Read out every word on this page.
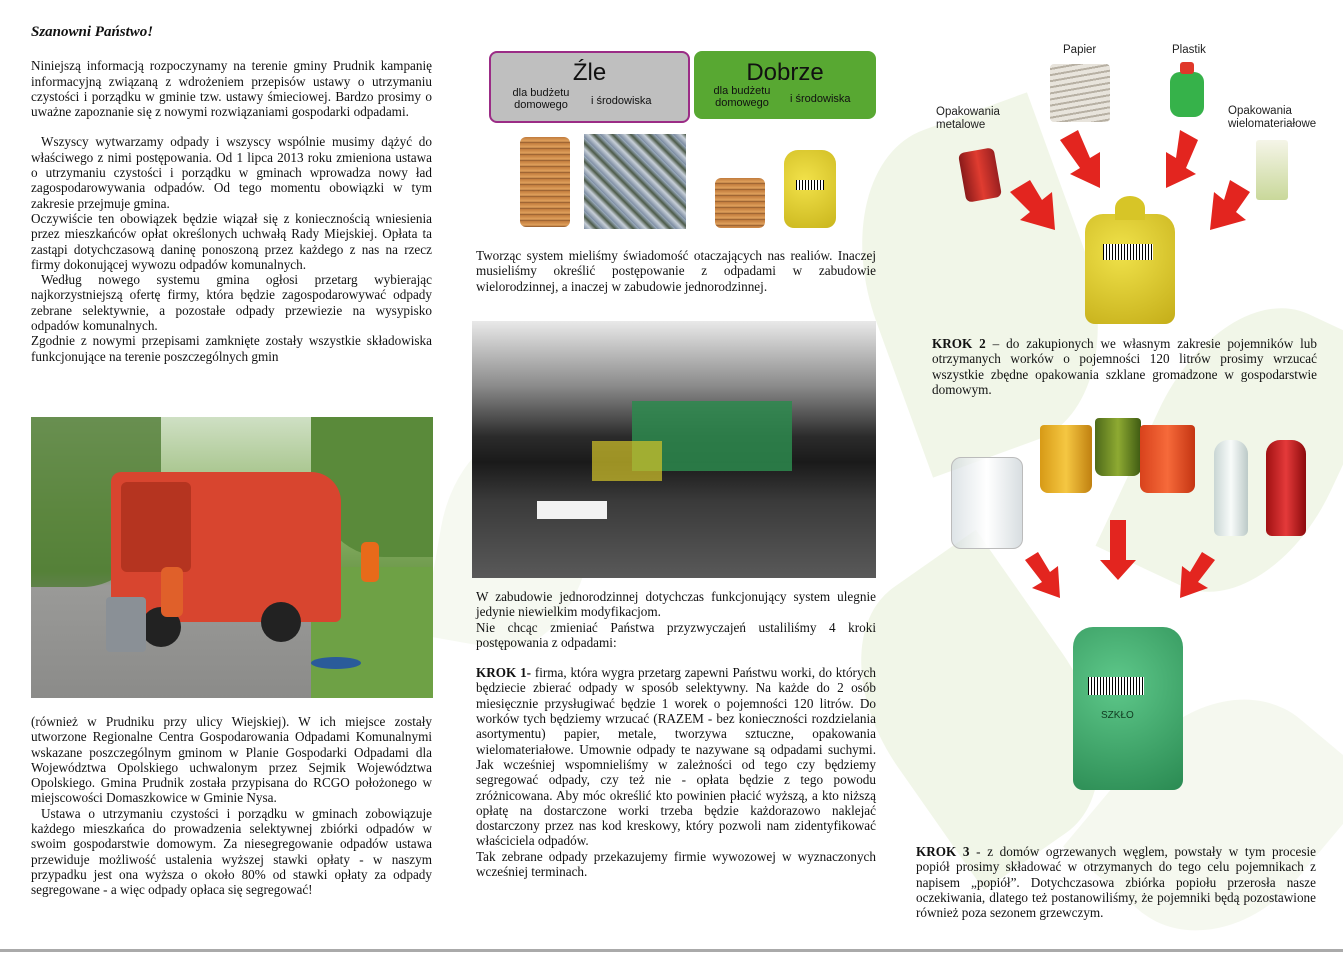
Szanowni Państwo!

Niniejszą informacją rozpoczynamy na terenie gminy Prudnik kampanię informacyjną związaną z wdrożeniem przepisów ustawy o utrzymaniu czystości i porządku w gminie tzw. ustawy śmieciowej. Bardzo prosimy o uważne zapoznanie się z nowymi rozwiązaniami gospodarki odpadami.

Wszyscy wytwarzamy odpady i wszyscy wspólnie musimy dążyć do właściwego z nimi postępowania. Od 1 lipca 2013 roku zmieniona ustawa o utrzymaniu czystości i porządku w gminach wprowadza nowy ład zagospodarowywania odpadów. Od tego momentu obowiązki w tym zakresie przejmuje gmina.

Oczywiście ten obowiązek będzie wiązał się z koniecznością wniesienia przez mieszkańców opłat określonych uchwałą Rady Miejskiej. Opłata ta zastąpi dotychczasową daninę ponoszoną przez każdego z nas na rzecz firmy dokonującej wywozu odpadów komunalnych.

Według nowego systemu gmina ogłosi przetarg wybierając najkorzystniejszą ofertę firmy, która będzie zagospodarowywać odpady zebrane selektywnie, a pozostałe odpady przewiezie na wysypisko odpadów komunalnych.

Zgodnie z nowymi przepisami zamknięte zostały wszystkie składowiska funkcjonujące na terenie poszczególnych gmin

(również w Prudniku przy ulicy Wiejskiej). W ich miejsce zostały utworzone Regionalne Centra Gospodarowania Odpadami Komunalnymi wskazane poszczególnym gminom w Planie Gospodarki Odpadami dla Województwa Opolskiego uchwalonym przez Sejmik Województwa Opolskiego. Gmina Prudnik została przypisana do RCGO położonego w miejscowości Domaszkowice w Gminie Nysa.

Ustawa o utrzymaniu czystości i porządku w gminach zobowiązuje każdego mieszkańca do prowadzenia selektywnej zbiórki odpadów w swoim gospodarstwie domowym. Za niesegregowanie odpadów ustawa przewiduje możliwość ustalenia wyższej stawki opłaty - w naszym przypadku jest ona wyższa o około 80% od stawki opłaty za odpady segregowane - a więc odpady opłaca się segregować!

Źle
dla budżetu domowego i środowiska
Dobrze
dla budżetu domowego i środowiska

Tworząc system mieliśmy świadomość otaczających nas realiów. Inaczej musieliśmy określić postępowanie z odpadami w zabudowie wielorodzinnej, a inaczej w zabudowie jednorodzinnej.

W zabudowie jednorodzinnej dotychczas funkcjonujący system ulegnie jedynie niewielkim modyfikacjom.

Nie chcąc zmieniać Państwa przyzwyczajeń ustaliliśmy 4 kroki postępowania z odpadami:

KROK 1- firma, która wygra przetarg zapewni Państwu worki, do których będziecie zbierać odpady w sposób selektywny. Na każde do 2 osób miesięcznie przysługiwać będzie 1 worek o pojemności 120 litrów. Do worków tych będziemy wrzucać (RAZEM - bez konieczności rozdzielania asortymentu) papier, metale, tworzywa sztuczne, opakowania wielomateriałowe. Umownie odpady te nazywane są odpadami suchymi. Jak wcześniej wspomnieliśmy w zależności od tego czy będziemy segregować odpady, czy też nie - opłata będzie z tego powodu zróżnicowana. Aby móc określić kto powinien płacić wyższą, a kto niższą opłatę na dostarczone worki trzeba będzie każdorazowo naklejać dostarczony przez nas kod kreskowy, który pozwoli nam zidentyfikować właściciela odpadów.

Tak zebrane odpady przekazujemy firmie wywozowej w wyznaczonych wcześniej terminach.

Papier	Plastik
Opakowania metalowe
Opakowania wielomateriałowe

KROK 2 – do zakupionych we własnym zakresie pojemników lub otrzymanych worków o pojemności 120 litrów prosimy wrzucać wszystkie zbędne opakowania szklane gromadzone w gospodarstwie domowym.

SZKŁO

KROK 3 - z domów ogrzewanych węglem, powstały w tym procesie popiół prosimy składować w otrzymanych do tego celu pojemnikach z napisem „popiół”. Dotychczasowa zbiórka popiołu przerosła nasze oczekiwania, dlatego też postanowiliśmy, że pojemniki będą pozostawione również poza sezonem grzewczym.
